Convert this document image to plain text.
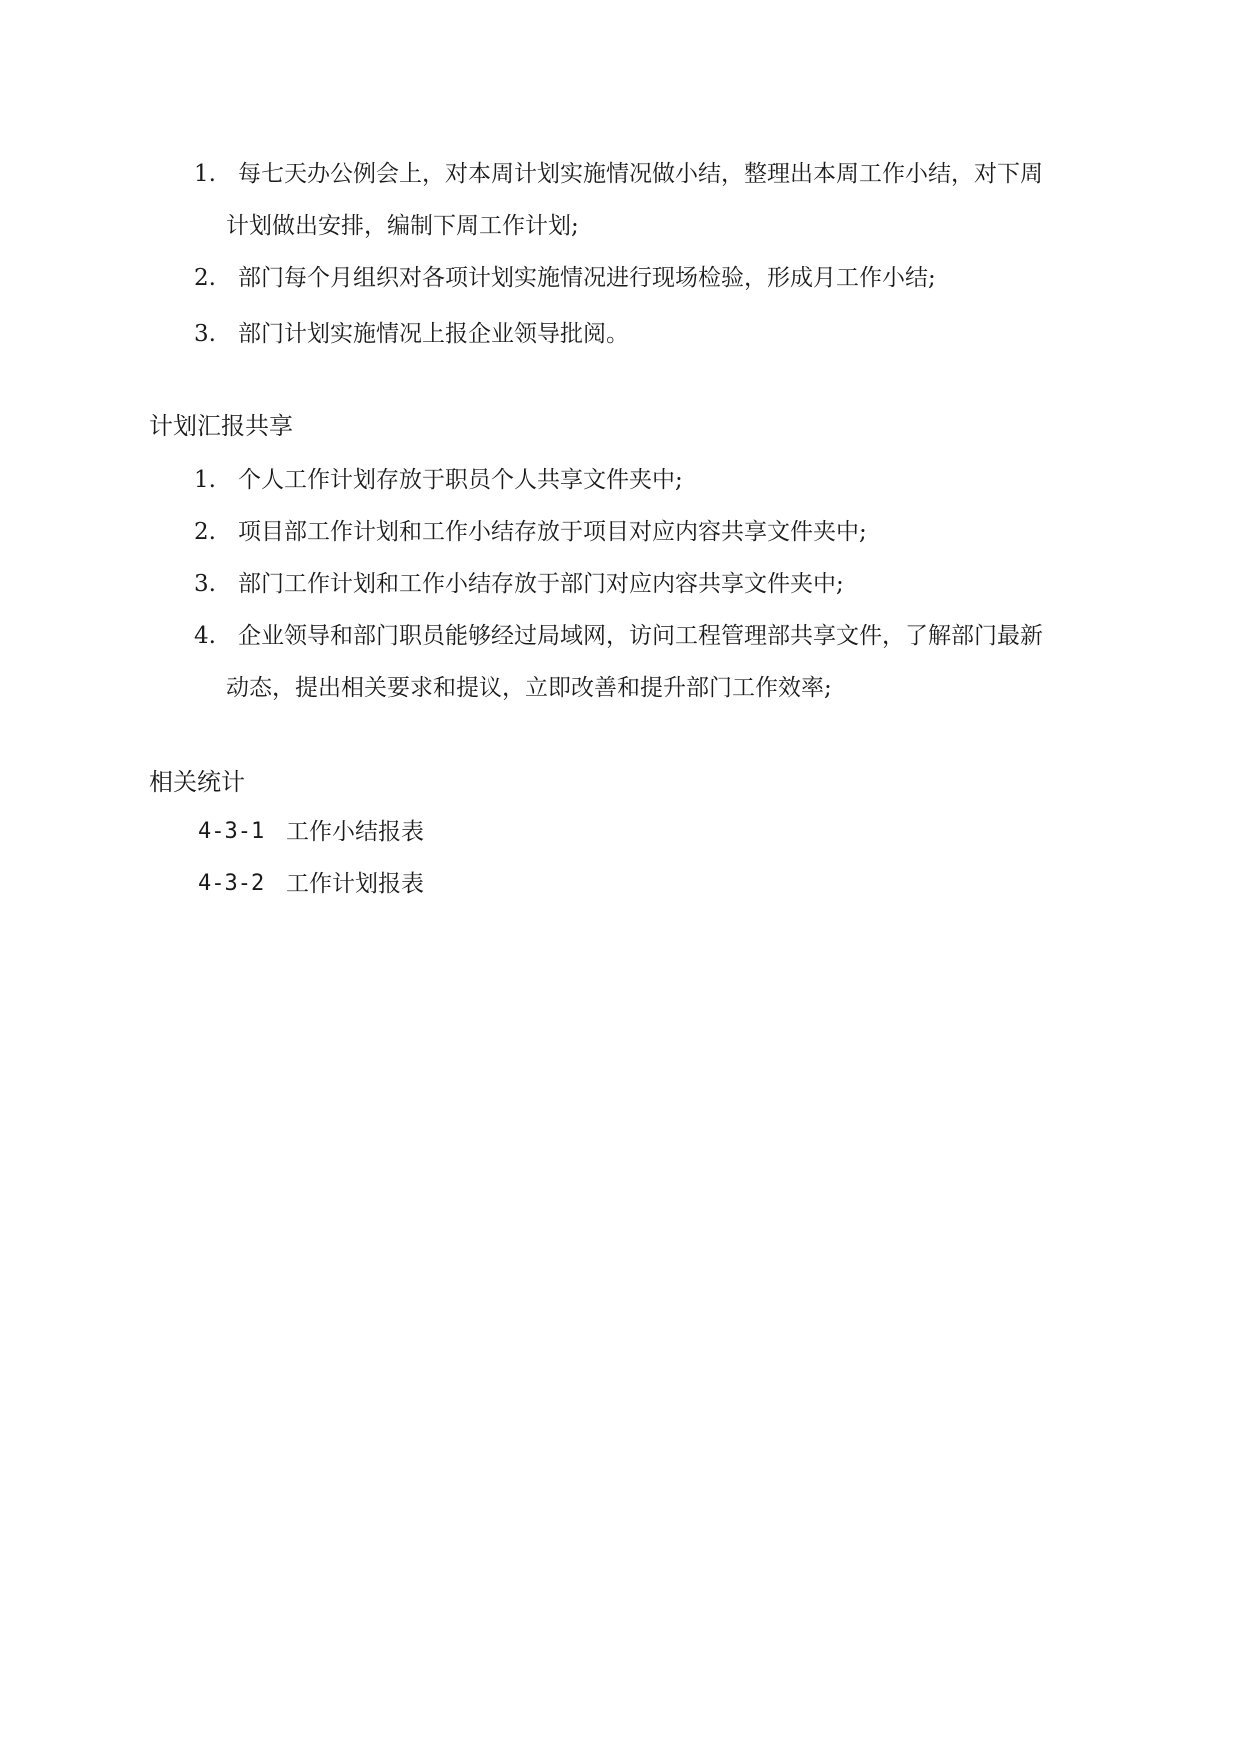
1. 每七天办公例会上，对本周计划实施情况做小结，整理出本周工作小结，对下周
计划做出安排，编制下周工作计划;
2. 部门每个月组织对各项计划实施情况进行现场检验，形成月工作小结;
3. 部门计划实施情况上报企业领导批阅。
计划汇报共享
1. 个人工作计划存放于职员个人共享文件夹中;
2. 项目部工作计划和工作小结存放于项目对应内容共享文件夹中;
3. 部门工作计划和工作小结存放于部门对应内容共享文件夹中;
4. 企业领导和部门职员能够经过局域网，访问工程管理部共享文件，了解部门最新
动态，提出相关要求和提议，立即改善和提升部门工作效率;
相关统计
4-3-1 工作小结报表
4-3-2 工作计划报表
